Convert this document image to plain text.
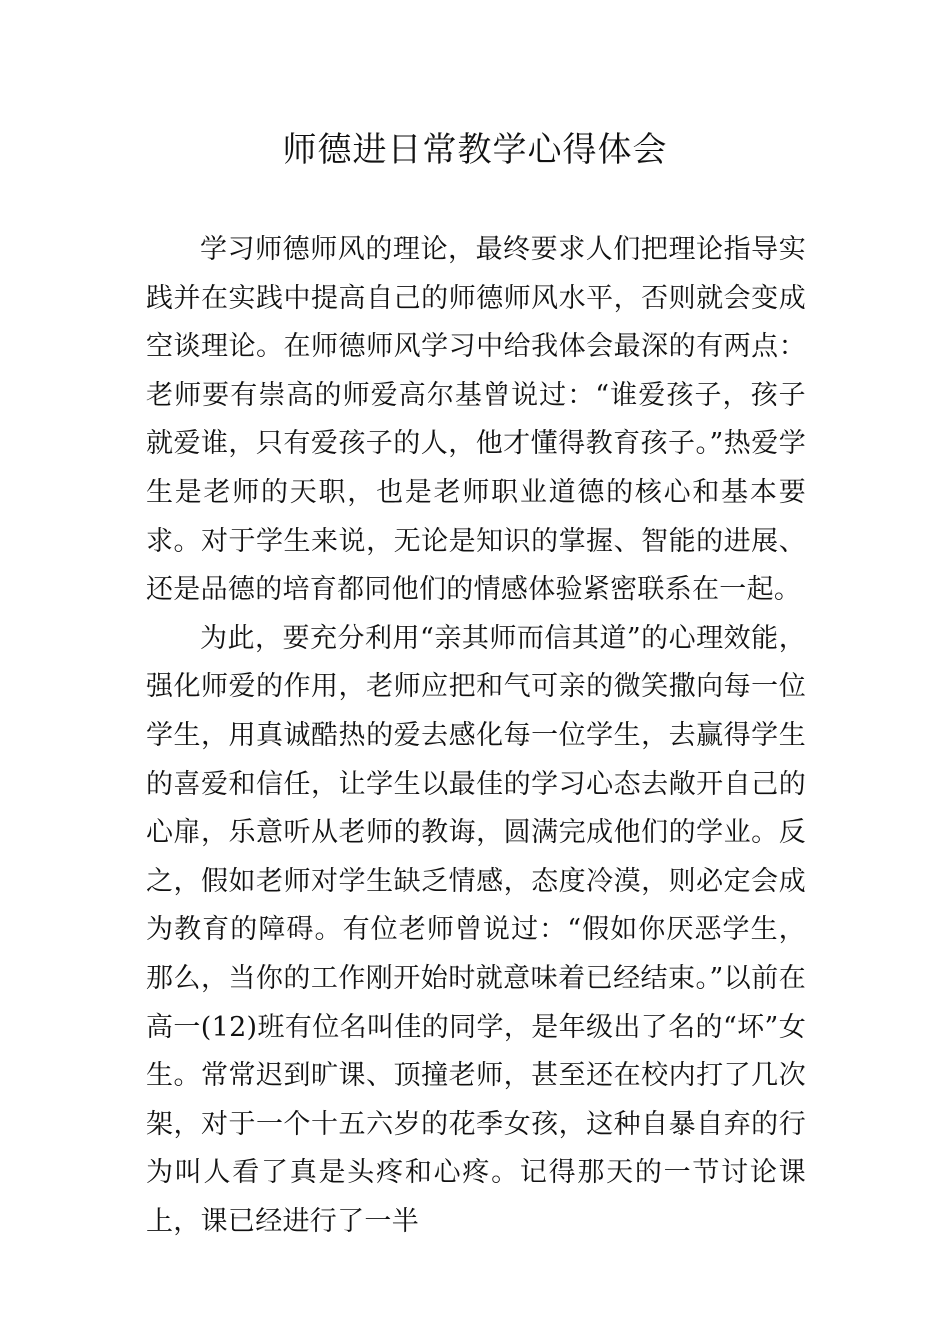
师德进日常教学心得体会

学习师德师风的理论，最终要求人们把理论指导实践并在实践中提高自己的师德师风水平，否则就会变成空谈理论。在师德师风学习中给我体会最深的有两点：老师要有崇高的师爱高尔基曾说过：“谁爱孩子，孩子就爱谁，只有爱孩子的人，他才懂得教育孩子。”热爱学生是老师的天职，也是老师职业道德的核心和基本要求。对于学生来说，无论是知识的掌握、智能的进展、还是品德的培育都同他们的情感体验紧密联系在一起。

为此，要充分利用“亲其师而信其道”的心理效能，强化师爱的作用，老师应把和气可亲的微笑撒向每一位学生，用真诚酷热的爱去感化每一位学生，去赢得学生的喜爱和信任，让学生以最佳的学习心态去敞开自己的心扉，乐意听从老师的教诲，圆满完成他们的学业。反之，假如老师对学生缺乏情感，态度冷漠，则必定会成为教育的障碍。有位老师曾说过：“假如你厌恶学生，那么，当你的工作刚开始时就意味着已经结束。”以前在高一(12)班有位名叫佳的同学，是年级出了名的“坏”女生。常常迟到旷课、顶撞老师，甚至还在校内打了几次架，对于一个十五六岁的花季女孩，这种自暴自弃的行为叫人看了真是头疼和心疼。记得那天的一节讨论课上，课已经进行了一半
